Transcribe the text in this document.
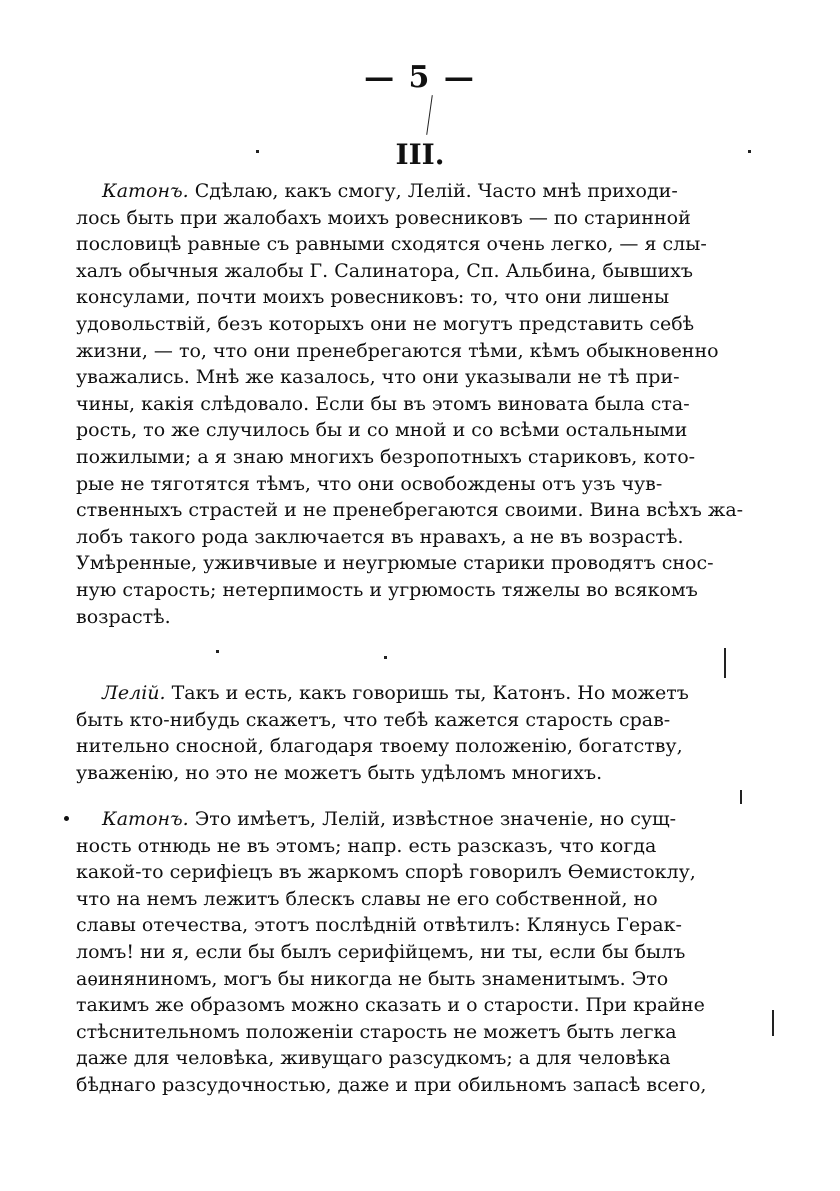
— 5 —
III.
Катонъ. Сдѣлаю, какъ смогу, Лелій. Часто мнѣ приходи-
лось быть при жалобахъ моихъ ровесниковъ — по старинной
пословицѣ равные съ равными сходятся очень легко, — я слы-
халъ обычныя жалобы Г. Салинатора, Сп. Альбина, бывшихъ
консулами, почти моихъ ровесниковъ: то, что они лишены
удовольствій, безъ которыхъ они не могутъ представить себѣ
жизни, — то, что они пренебрегаются тѣми, кѣмъ обыкновенно
уважались. Мнѣ же казалось, что они указывали не тѣ при-
чины, какія слѣдовало. Если бы въ этомъ виновата была ста-
рость, то же случилось бы и со мной и со всѣми остальными
пожилыми; а я знаю многихъ безропотныхъ стариковъ, кото-
рые не тяготятся тѣмъ, что они освобождены отъ узъ чув-
ственныхъ страстей и не пренебрегаются своими. Вина всѣхъ жа-
лобъ такого рода заключается въ нравахъ, а не въ возрастѣ.
Умѣренные, уживчивые и неугрюмые старики проводятъ снос-
ную старость; нетерпимость и угрюмость тяжелы во всякомъ
возрастѣ.
Лелій. Такъ и есть, какъ говоришь ты, Катонъ. Но можетъ
быть кто-нибудь скажетъ, что тебѣ кажется старость срав-
нительно сносной, благодаря твоему положенію, богатству,
уваженію, но это не можетъ быть удѣломъ многихъ.
Катонъ. Это имѣетъ, Лелій, извѣстное значеніе, но сущ-
ность отнюдь не въ этомъ; напр. есть разсказъ, что когда
какой-то серифіецъ въ жаркомъ спорѣ говорилъ Ѳемистоклу,
что на немъ лежитъ блескъ славы не его собственной, но
славы отечества, этотъ послѣдній отвѣтилъ: Клянусь Герак-
ломъ! ни я, если бы былъ серифійцемъ, ни ты, если бы былъ
аѳиняниномъ, могъ бы никогда не быть знаменитымъ. Это
такимъ же образомъ можно сказать и о старости. При крайне
стѣснительномъ положеніи старость не можетъ быть легка
даже для человѣка, живущаго разсудкомъ; а для человѣка
бѣднаго разсудочностью, даже и при обильномъ запасѣ всего,
